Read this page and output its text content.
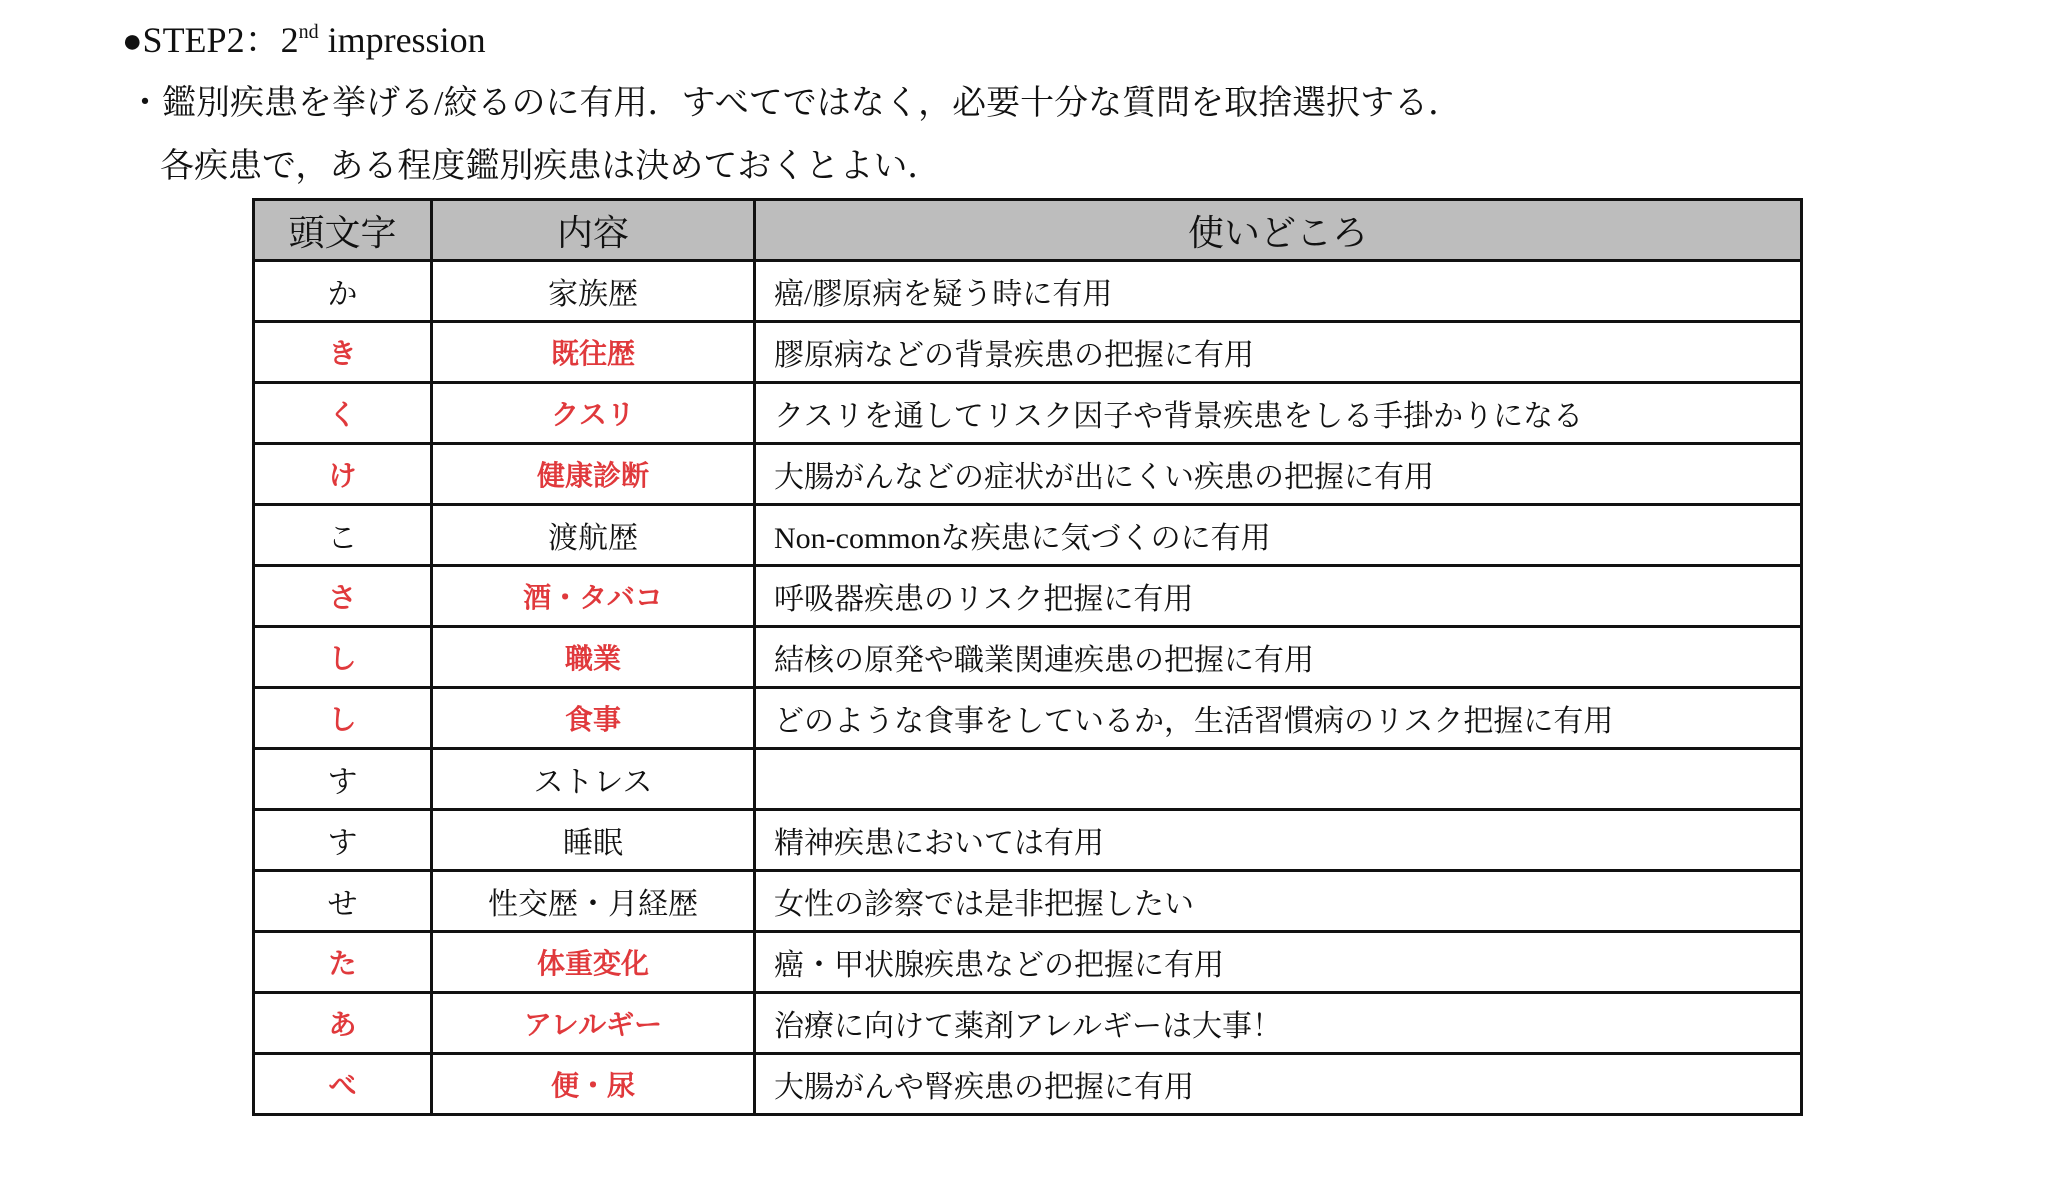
●STEP2：2nd impression
・鑑別疾患を挙げる/絞るのに有用．すべてではなく，必要十分な質問を取捨選択する．
各疾患で，ある程度鑑別疾患は決めておくとよい．
頭文字	内容	使いどころ
か	家族歴	癌/膠原病を疑う時に有用
き	既往歴	膠原病などの背景疾患の把握に有用
く	クスリ	クスリを通してリスク因子や背景疾患をしる手掛かりになる
け	健康診断	大腸がんなどの症状が出にくい疾患の把握に有用
こ	渡航歴	Non-commonな疾患に気づくのに有用
さ	酒・タバコ	呼吸器疾患のリスク把握に有用
し	職業	結核の原発や職業関連疾患の把握に有用
し	食事	どのような食事をしているか，生活習慣病のリスク把握に有用
す	ストレス	
す	睡眠	精神疾患においては有用
せ	性交歴・月経歴	女性の診察では是非把握したい
た	体重変化	癌・甲状腺疾患などの把握に有用
あ	アレルギー	治療に向けて薬剤アレルギーは大事！
べ	便・尿	大腸がんや腎疾患の把握に有用
